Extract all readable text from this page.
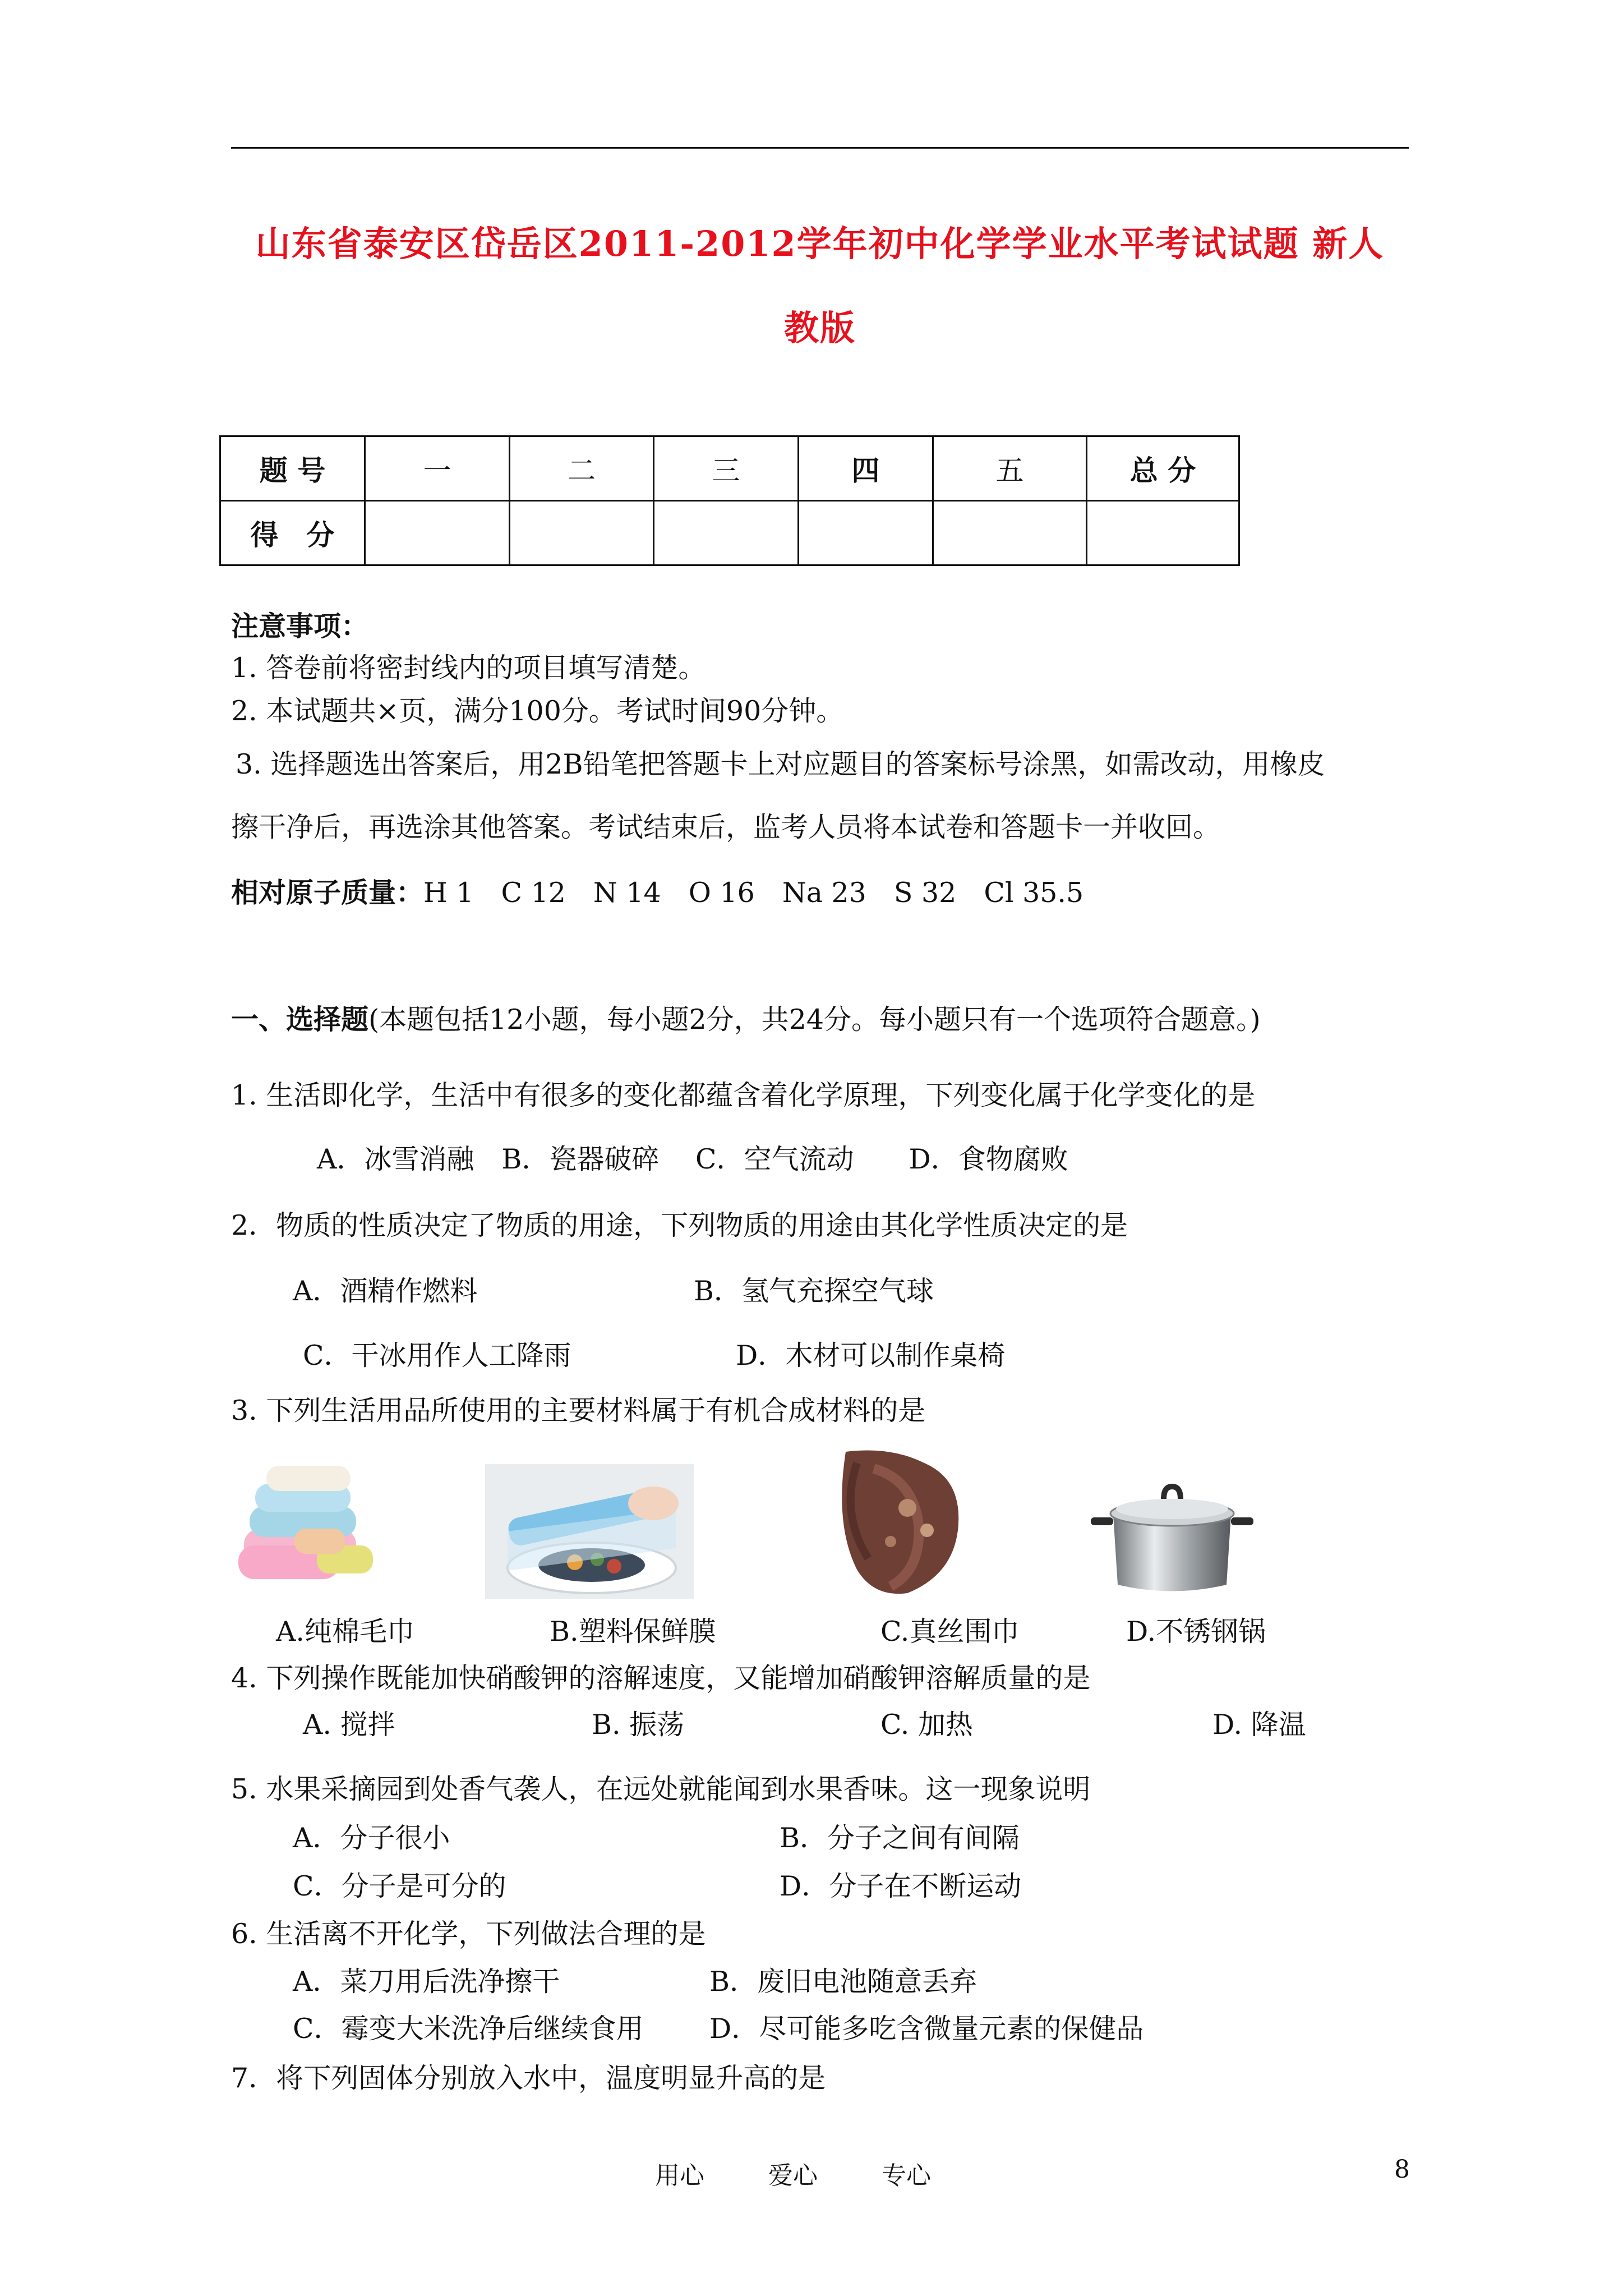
山东省泰安区岱岳区2011-2012学年初中化学学业水平考试试题 新人
教版
题 号	一	二	三	四	五	总 分
得　分						
注意事项：
1. 答卷前将密封线内的项目填写清楚。
2. 本试题共×页，满分100分。考试时间90分钟。
3. 选择题选出答案后，用2B铅笔把答题卡上对应题目的答案标号涂黑，如需改动，用橡皮
擦干净后，再选涂其他答案。考试结束后，监考人员将本试卷和答题卡一并收回。
相对原子质量：H 1　C 12　N 14　O 16　Na 23　S 32　Cl 35.5
一、选择题(本题包括12小题，每小题2分，共24分。每小题只有一个选项符合题意。)
1. 生活即化学，生活中有很多的变化都蕴含着化学原理，下列变化属于化学变化的是
A．冰雪消融　B．瓷器破碎　 C．空气流动　　D．食物腐败
2．物质的性质决定了物质的用途，下列物质的用途由其化学性质决定的是
A．酒精作燃料	B．氢气充探空气球
C．干冰用作人工降雨	D．木材可以制作桌椅
3. 下列生活用品所使用的主要材料属于有机合成材料的是
A.纯棉毛巾	B.塑料保鲜膜	C.真丝围巾	D.不锈钢锅
4. 下列操作既能加快硝酸钾的溶解速度，又能增加硝酸钾溶解质量的是
A. 搅拌	B. 振荡	C. 加热	D. 降温
5. 水果采摘园到处香气袭人，在远处就能闻到水果香味。这一现象说明
A．分子很小	B．分子之间有间隔
C．分子是可分的	D．分子在不断运动
6. 生活离不开化学，下列做法合理的是
A．菜刀用后洗净擦干	B．废旧电池随意丢弃
C．霉变大米洗净后继续食用 D．尽可能多吃含微量元素的保健品
7．将下列固体分别放入水中，温度明显升高的是
用心	爱心	专心	8
